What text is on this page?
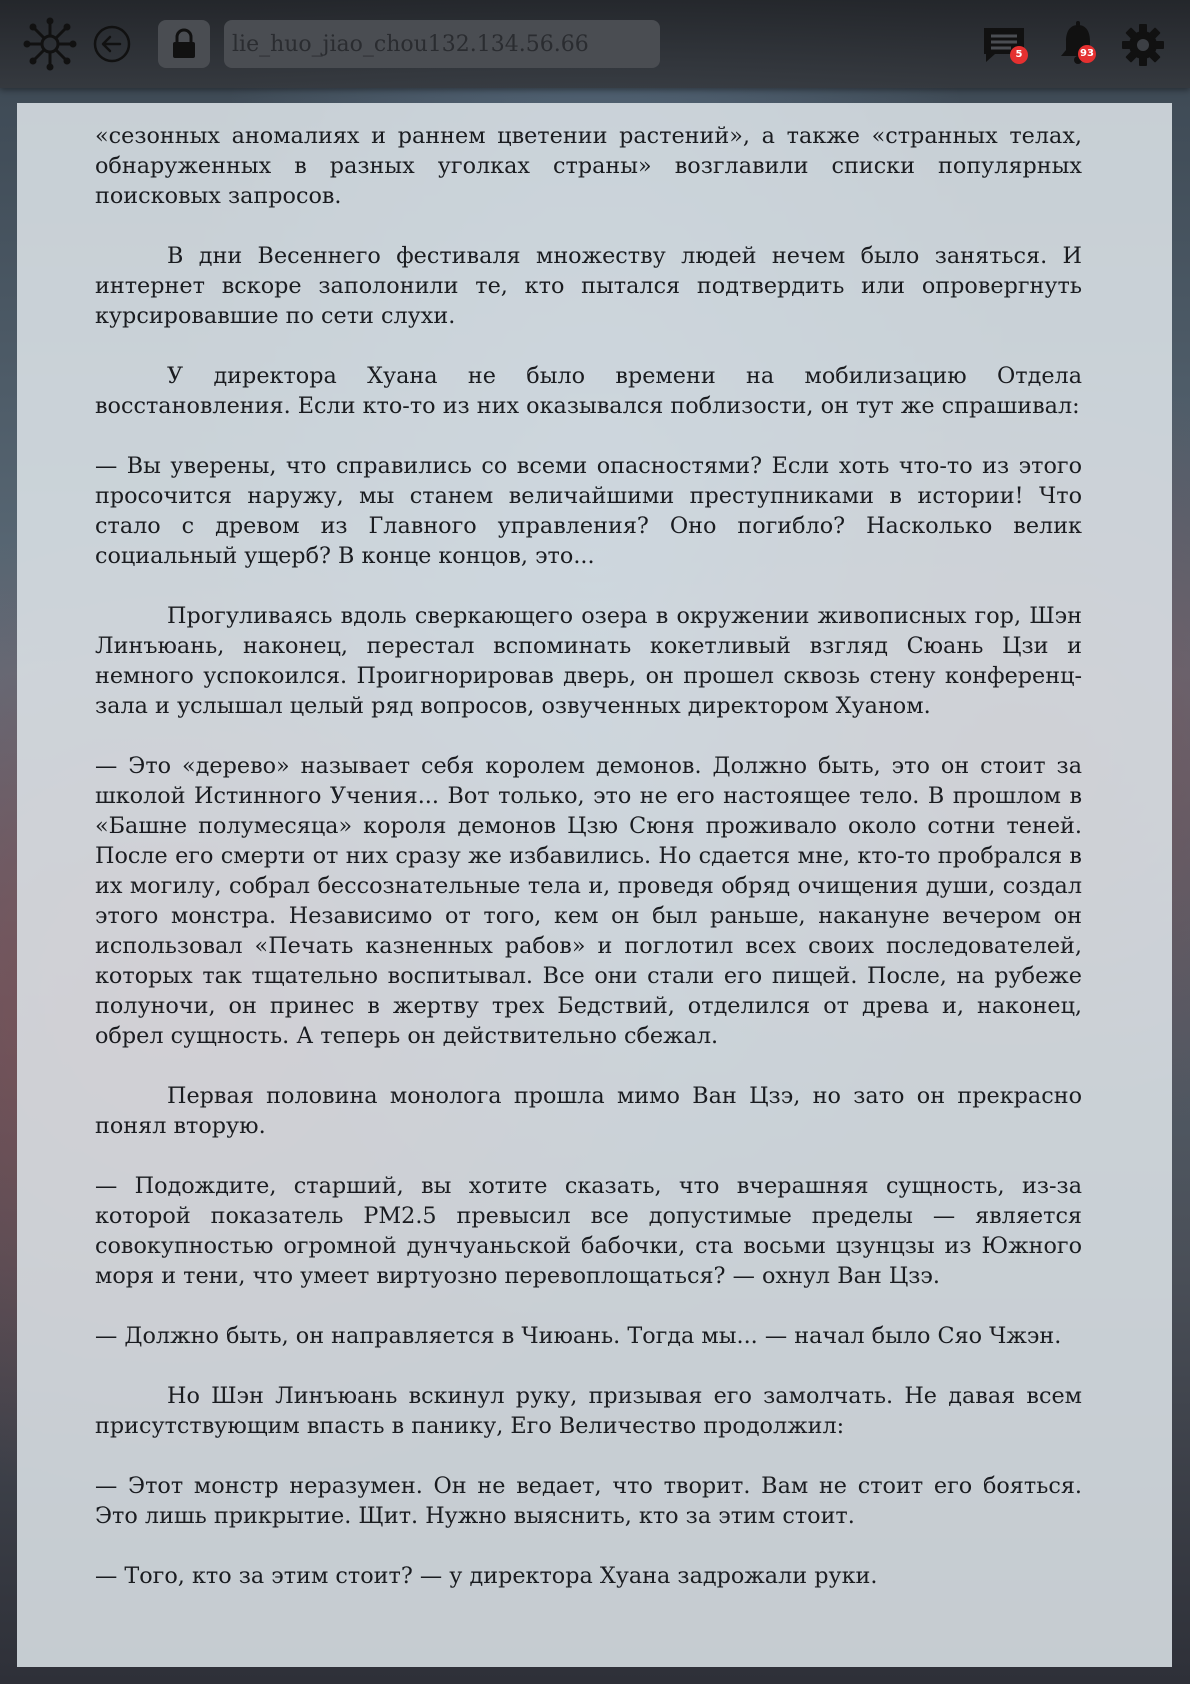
lie_huo_jiao_chou132.134.56.66	5	93

«сезонных аномалиях и раннем цветении растений», а также «странных телах, обнаруженных в разных уголках страны» возглавили списки популярных поисковых запросов.

В дни Весеннего фестиваля множеству людей нечем было заняться. И интернет вскоре заполонили те, кто пытался подтвердить или опровергнуть курсировавшие по сети слухи.

У директора Хуана не было времени на мобилизацию Отдела восстановления. Если кто-то из них оказывался поблизости, он тут же спрашивал:

— Вы уверены, что справились со всеми опасностями? Если хоть что-то из этого просочится наружу, мы станем величайшими преступниками в истории! Что стало с древом из Главного управления? Оно погибло? Насколько велик социальный ущерб? В конце концов, это...

Прогуливаясь вдоль сверкающего озера в окружении живописных гор, Шэн Линъюань, наконец, перестал вспоминать кокетливый взгляд Сюань Цзи и немного успокоился. Проигнорировав дверь, он прошел сквозь стену конференц-зала и услышал целый ряд вопросов, озвученных директором Хуаном.

— Это «дерево» называет себя королем демонов. Должно быть, это он стоит за школой Истинного Учения... Вот только, это не его настоящее тело. В прошлом в «Башне полумесяца» короля демонов Цзю Сюня проживало около сотни теней. После его смерти от них сразу же избавились. Но сдается мне, кто-то пробрался в их могилу, собрал бессознательные тела и, проведя обряд очищения души, создал этого монстра. Независимо от того, кем он был раньше, накануне вечером он использовал «Печать казненных рабов» и поглотил всех своих последователей, которых так тщательно воспитывал. Все они стали его пищей. После, на рубеже полуночи, он принес в жертву трех Бедствий, отделился от древа и, наконец, обрел сущность. А теперь он действительно сбежал.

Первая половина монолога прошла мимо Ван Цзэ, но зато он прекрасно понял вторую.

— Подождите, старший, вы хотите сказать, что вчерашняя сущность, из-за которой показатель PM2.5 превысил все допустимые пределы — является совокупностью огромной дунчуаньской бабочки, ста восьми цзунцзы из Южного моря и тени, что умеет виртуозно перевоплощаться? — охнул Ван Цзэ.

— Должно быть, он направляется в Чиюань. Тогда мы... — начал было Сяо Чжэн.

Но Шэн Линъюань вскинул руку, призывая его замолчать. Не давая всем присутствующим впасть в панику, Его Величество продолжил:

— Этот монстр неразумен. Он не ведает, что творит. Вам не стоит его бояться. Это лишь прикрытие. Щит. Нужно выяснить, кто за этим стоит.

— Того, кто за этим стоит? — у директора Хуана задрожали руки.
